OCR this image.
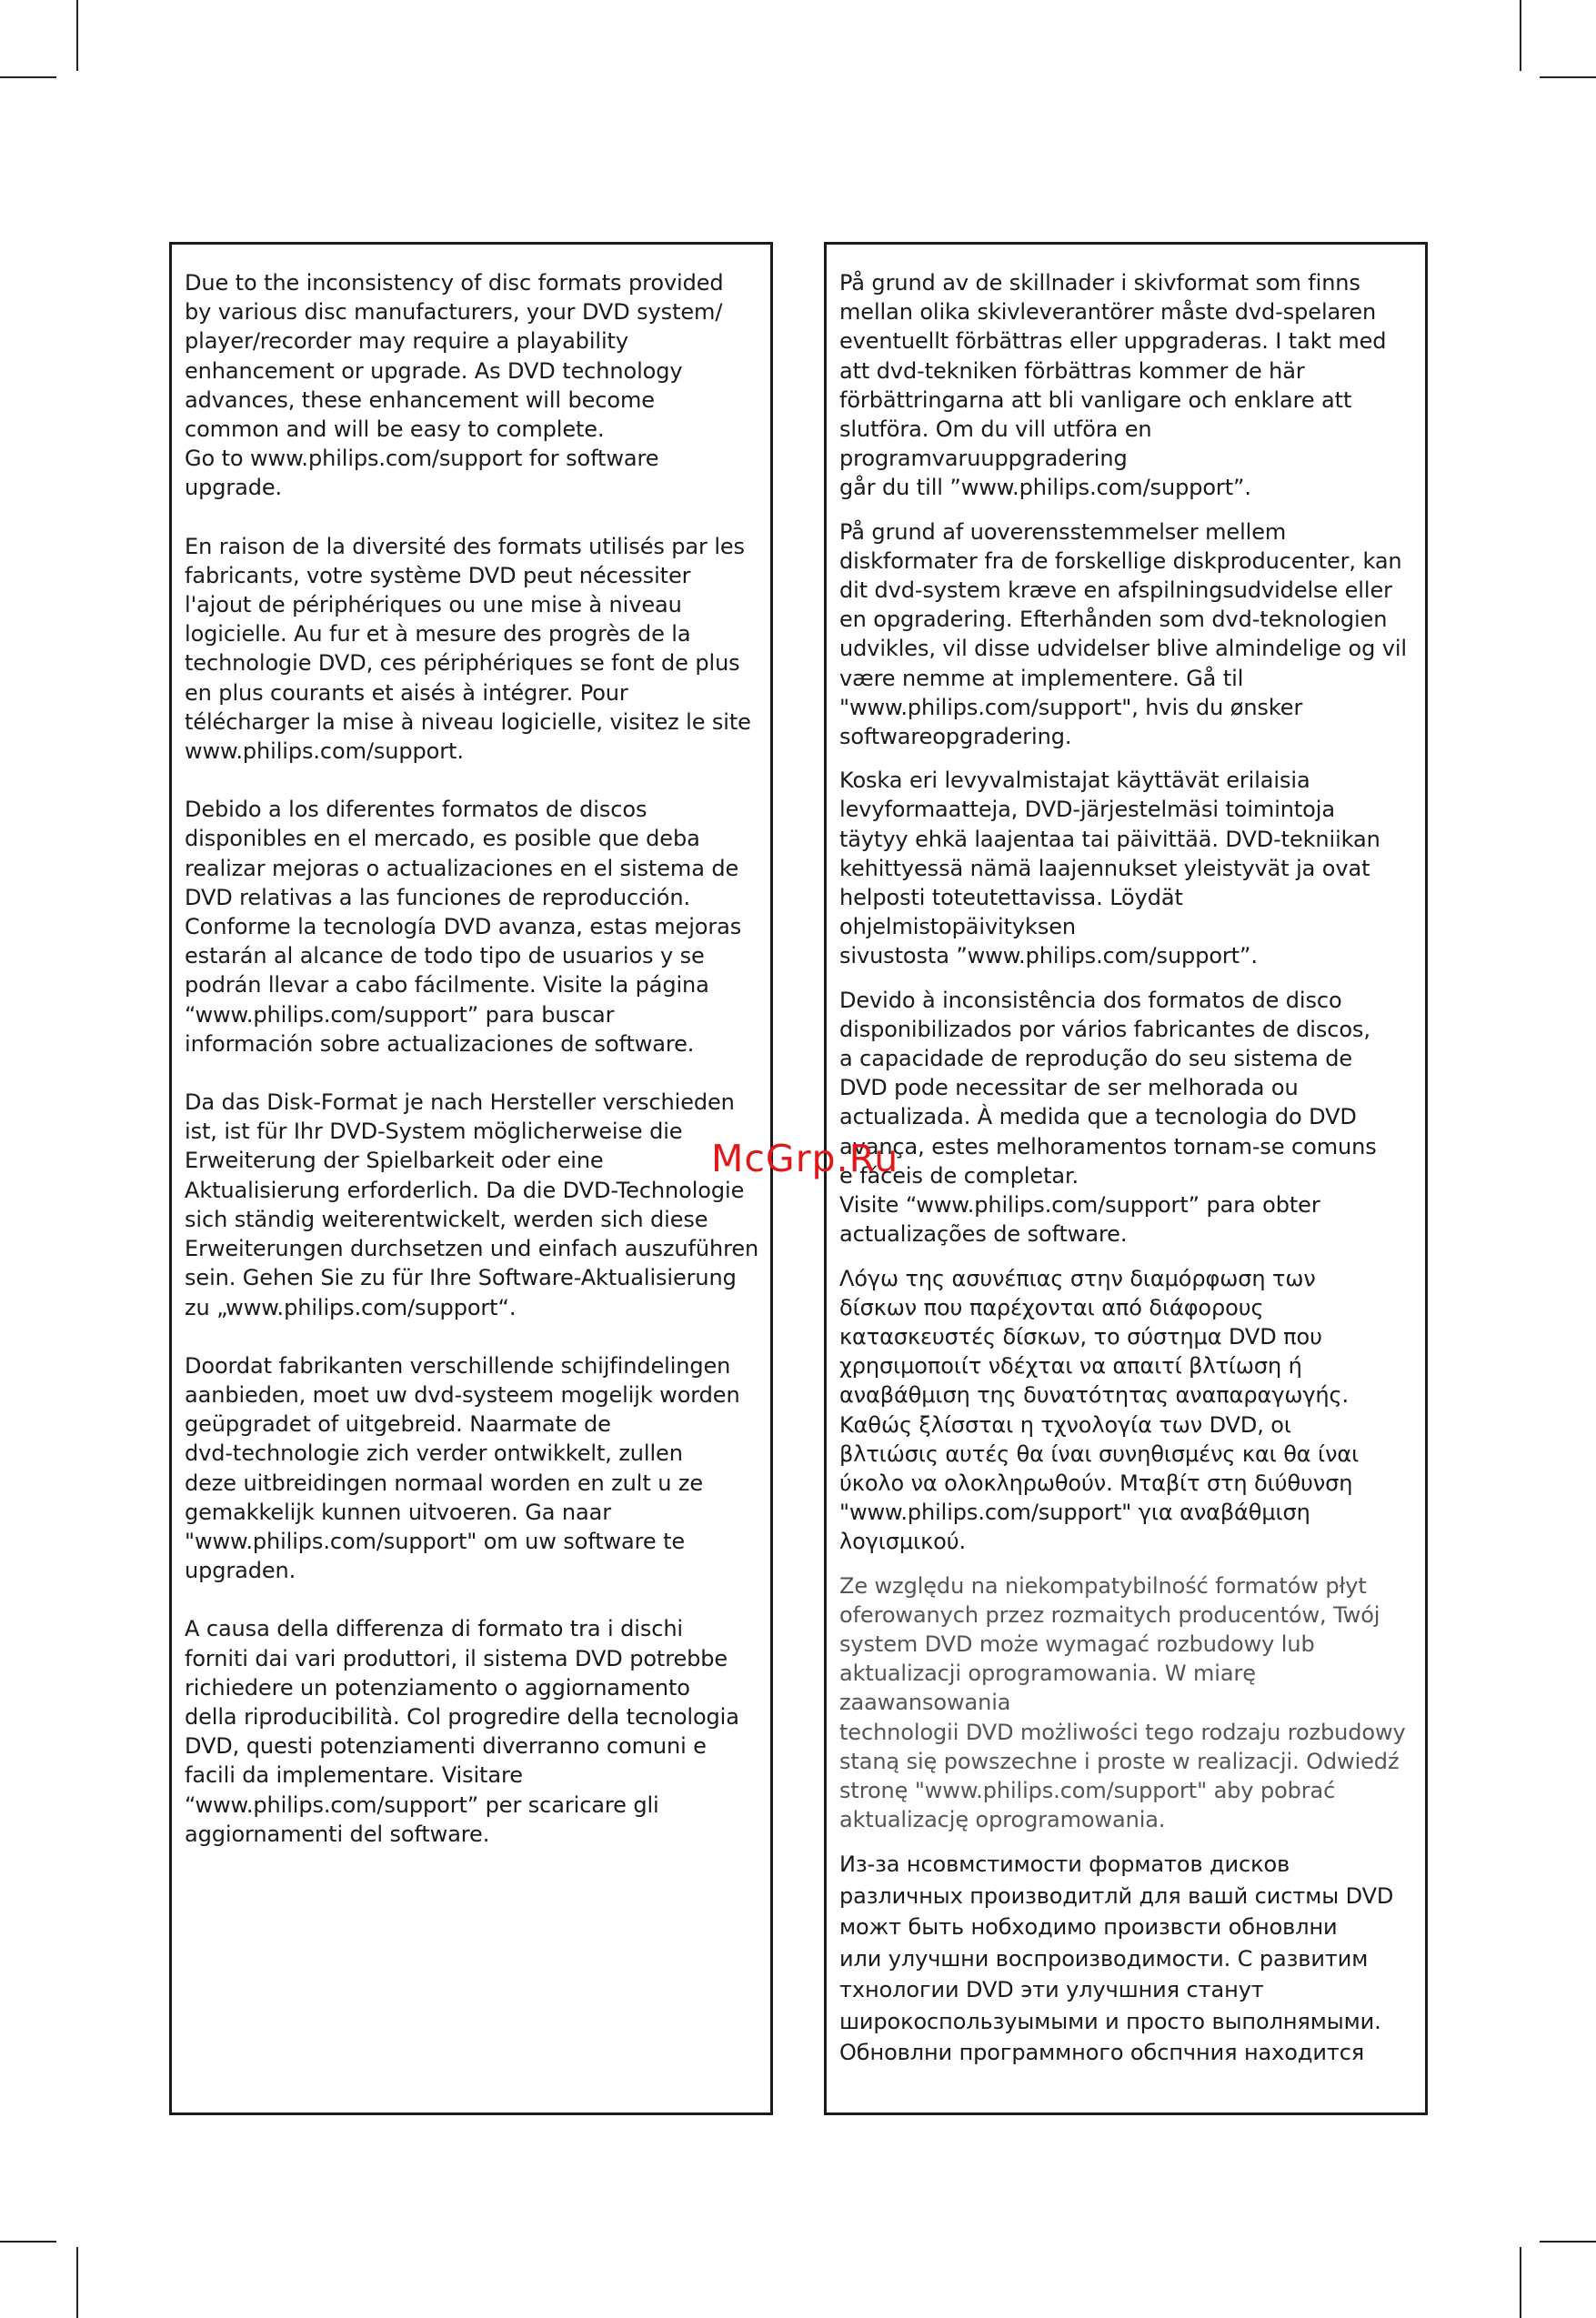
Due to the inconsistency of disc formats provided
by various disc manufacturers, your DVD system/
player/recorder may require a playability
enhancement or upgrade. As DVD technology
advances, these enhancement will become
common and will be easy to complete.
Go to www.philips.com/support for software upgrade.

En raison de la diversité des formats utilisés par les
fabricants, votre système DVD peut nécessiter
l'ajout de périphériques ou une mise à niveau
logicielle. Au fur et à mesure des progrès de la
technologie DVD, ces périphériques se font de plus
en plus courants et aisés à intégrer. Pour
télécharger la mise à niveau logicielle, visitez le site
www.philips.com/support.

Debido a los diferentes formatos de discos
disponibles en el mercado, es posible que deba
realizar mejoras o actualizaciones en el sistema de
DVD relativas a las funciones de reproducción.
Conforme la tecnología DVD avanza, estas mejoras
estarán al alcance de todo tipo de usuarios y se
podrán llevar a cabo fácilmente. Visite la página
“www.philips.com/support” para buscar
información sobre actualizaciones de software.

Da das Disk-Format je nach Hersteller verschieden
ist, ist für Ihr DVD-System möglicherweise die
Erweiterung der Spielbarkeit oder eine
Aktualisierung erforderlich. Da die DVD-Technologie
sich ständig weiterentwickelt, werden sich diese
Erweiterungen durchsetzen und einfach auszuführen
sein. Gehen Sie zu für Ihre Software-Aktualisierung
zu „www.philips.com/support“.

Doordat fabrikanten verschillende schijfindelingen
aanbieden, moet uw dvd-systeem mogelijk worden
geüpgradet of uitgebreid. Naarmate de
dvd-technologie zich verder ontwikkelt, zullen
deze uitbreidingen normaal worden en zult u ze
gemakkelijk kunnen uitvoeren. Ga naar
"www.philips.com/support" om uw software te
upgraden.

A causa della differenza di formato tra i dischi
forniti dai vari produttori, il sistema DVD potrebbe
richiedere un potenziamento o aggiornamento
della riproducibilità. Col progredire della tecnologia
DVD, questi potenziamenti diverranno comuni e
facili da implementare. Visitare
“www.philips.com/support” per scaricare gli
aggiornamenti del software.

På grund av de skillnader i skivformat som finns
mellan olika skivleverantörer måste dvd-spelaren
eventuellt förbättras eller uppgraderas. I takt med
att dvd-tekniken förbättras kommer de här
förbättringarna att bli vanligare och enklare att
slutföra. Om du vill utföra en programvaruuppgradering
går du till ”www.philips.com/support”.

På grund af uoverensstemmelser mellem
diskformater fra de forskellige diskproducenter, kan
dit dvd-system kræve en afspilningsudvidelse eller
en opgradering. Efterhånden som dvd-teknologien
udvikles, vil disse udvidelser blive almindelige og vil
være nemme at implementere. Gå til
"www.philips.com/support", hvis du ønsker
softwareopgradering.

Koska eri levyvalmistajat käyttävät erilaisia
levyformaatteja, DVD-järjestelmäsi toimintoja
täytyy ehkä laajentaa tai päivittää. DVD-tekniikan
kehittyessä nämä laajennukset yleistyvät ja ovat
helposti toteutettavissa. Löydät ohjelmistopäivityksen
sivustosta ”www.philips.com/support”.

Devido à inconsistência dos formatos de disco
disponibilizados por vários fabricantes de discos,
a capacidade de reprodução do seu sistema de
DVD pode necessitar de ser melhorada ou
actualizada. À medida que a tecnologia do DVD
avança, estes melhoramentos tornam-se comuns
e fáceis de completar.
Visite “www.philips.com/support” para obter
actualizações de software.

Λόγω της ασυνέπιας στην διαμόρφωση των
δίσκων που παρέχονται από διάφορους
κατασκευστές δίσκων, το σύστημα DVD που
χρησιμοποιίτ νδέχται να απαιτί βλτίωση ή
αναβάθμιση της δυνατότητας αναπαραγωγής.
Καθώς ξλίσσται η τχνολογία των DVD, οι
βλτιώσις αυτές θα ίναι συνηθισμένς και θα ίναι
ύκολο να ολοκληρωθούν. Μταβίτ στη διύθυνση
"www.philips.com/support" για αναβάθμιση
λογισμικού.

Ze względu na niekompatybilność formatów płyt
oferowanych przez rozmaitych producentów, Twój
system DVD może wymagać rozbudowy lub
aktualizacji oprogramowania. W miarę zaawansowania
technologii DVD możliwości tego rodzaju rozbudowy
staną się powszechne i proste w realizacji. Odwiedź
stronę "www.philips.com/support" aby pobrać
aktualizację oprogramowania.

Из-за нсовмстимости форматов дисков
различных производитлй для вашй систмы DVD
можт быть нобходимо произвсти обновлни
или улучшни воспроизводимости. С развитим
тхнологии DVD эти улучшния станут
широкоспользуымыми и просто выполнямыми.
Обновлни программного обспчния находится

McGrp.Ru
